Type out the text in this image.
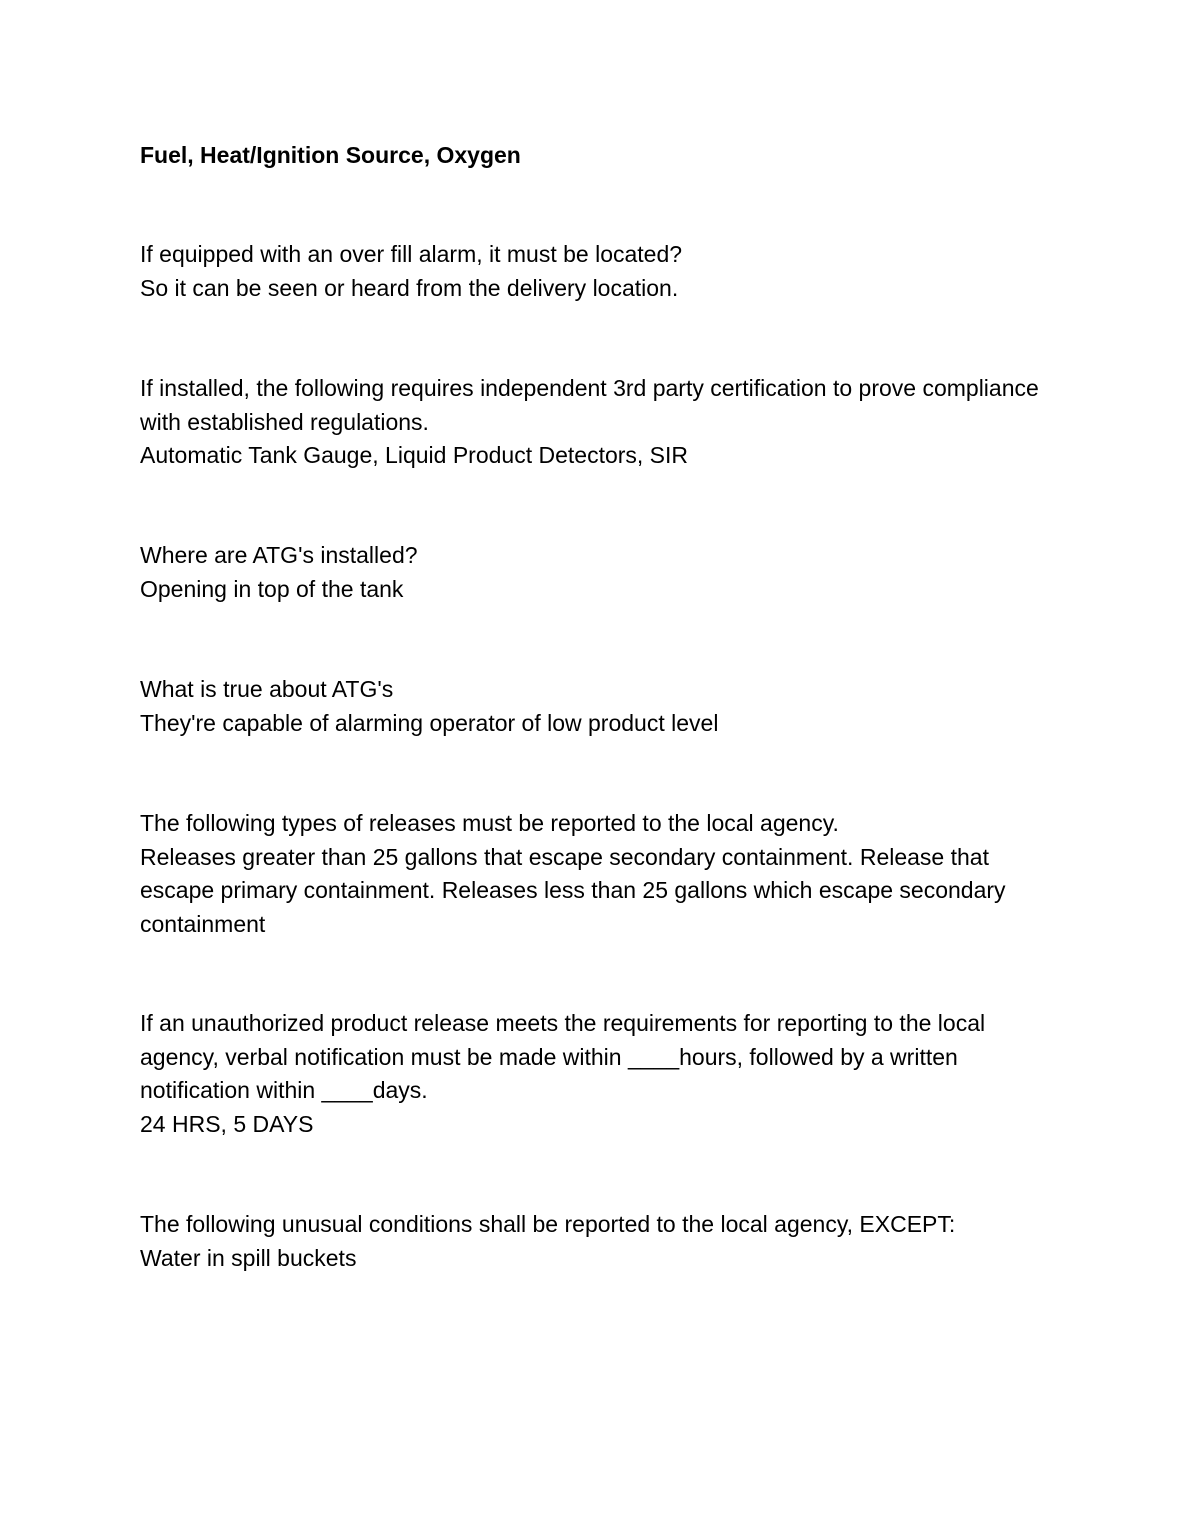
Fuel, Heat/Ignition Source, Oxygen
If equipped with an over fill alarm, it must be located?
So it can be seen or heard from the delivery location.
If installed, the following requires independent 3rd party certification to prove compliance with established regulations.
Automatic Tank Gauge, Liquid Product Detectors, SIR
Where are ATG's installed?
Opening in top of the tank
What is true about ATG's
They're capable of alarming operator of low product level
The following types of releases must be reported to the local agency.
Releases greater than 25 gallons that escape secondary containment. Release that escape primary containment. Releases less than 25 gallons which escape secondary containment
If an unauthorized product release meets the requirements for reporting to the local agency, verbal notification must be made within ____hours, followed by a written notification within ____days.
24 HRS, 5 DAYS
The following unusual conditions shall be reported to the local agency, EXCEPT:
Water in spill buckets
